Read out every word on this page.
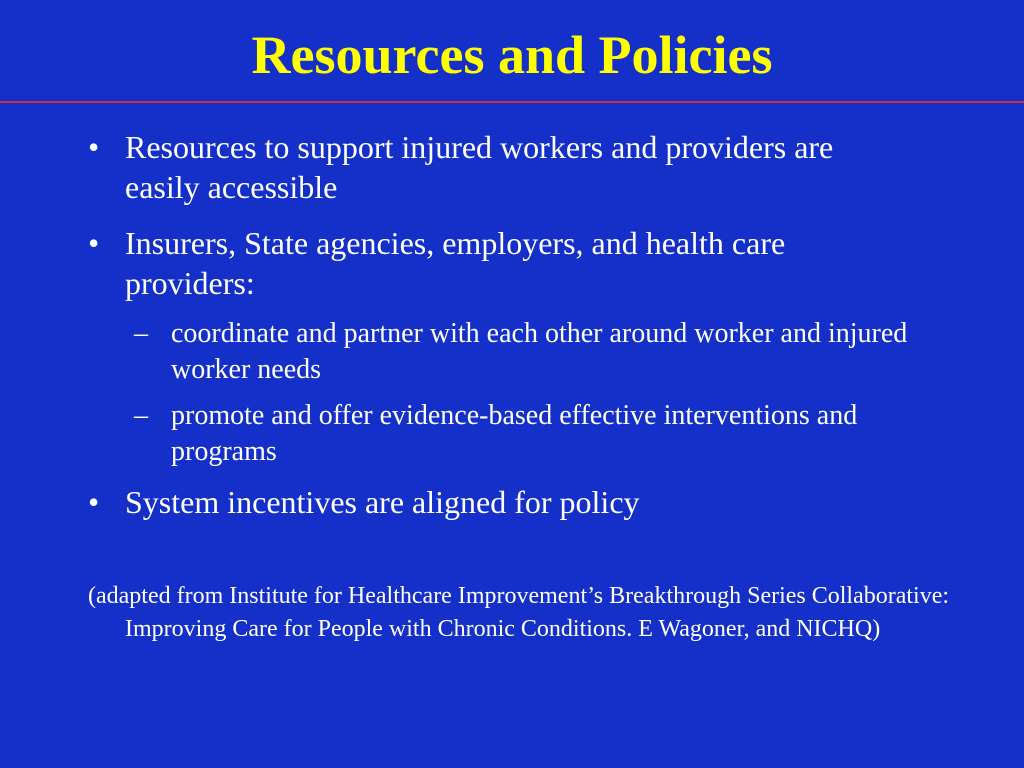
Resources and Policies
• Resources to support injured workers and providers are easily accessible
• Insurers, State agencies, employers, and health care providers:
– coordinate and partner with each other around worker and injured worker needs
– promote and offer evidence-based effective interventions and programs
• System incentives are aligned for policy

(adapted from Institute for Healthcare Improvement’s Breakthrough Series Collaborative: Improving Care for People with Chronic Conditions. E Wagoner, and NICHQ)
